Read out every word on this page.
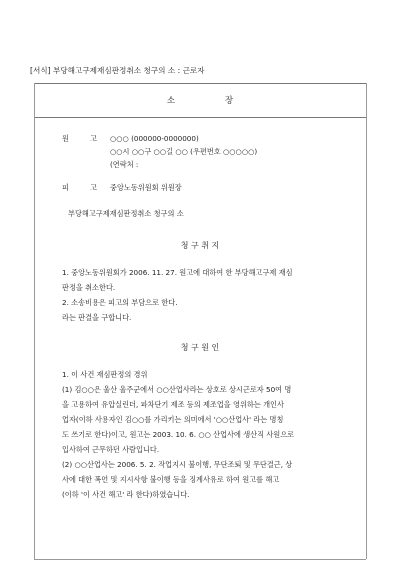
[서식] 부당해고구제재심판정취소 청구의 소 : 근로자
소	장
원	고 ○○○ (000000-0000000)
○○시 ○○구 ○○길 ○○ (우편번호 ○○○○○)
(연락처 :
피	고 중앙노동위원회 위원장
부당해고구제재심판정취소 청구의 소
청 구 취 지
1. 중앙노동위원회가 2006. 11. 27. 원고에 대하여 한 부당해고구제 재심
판정을 취소한다.
2. 소송비용은 피고의 부담으로 한다.
라는 판결을 구합니다.
청 구 원 인
1. 이 사건 재심판정의 경위
(1) 김○○은 울산 울주군에서 ○○산업사라는 상호로 상시근로자 50여 명
을 고용하여 유압실린더, 파차단기 제조 등의 제조업을 영위하는 개인사
업자(이하 사용자인 김○○를 가리키는 의미에서 '○○산업사' 라는 명칭
도 쓰기로 한다)이고, 원고는 2003. 10. 6. ○○ 산업사에 생산직 사원으로
입사하여 근무하던 사람입니다.
(2) ○○산업사는 2006. 5. 2. 작업지시 불이행, 무단조퇴 및 무단결근, 상
사에 대한 폭언 및 지시사항 불이행 등을 징계사유로 하여 원고를 해고
(이하 '이 사건 해고' 라 한다)하였습니다.
